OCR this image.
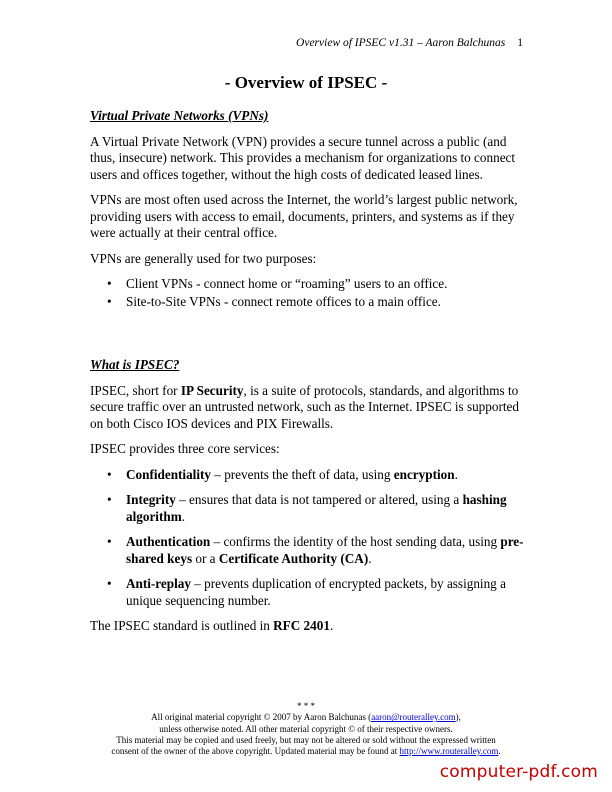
Overview of IPSEC v1.31 – Aaron Balchunas 1
- Overview of IPSEC -
Virtual Private Networks (VPNs)

A Virtual Private Network (VPN) provides a secure tunnel across a public (and thus, insecure) network. This provides a mechanism for organizations to connect users and offices together, without the high costs of dedicated leased lines.

VPNs are most often used across the Internet, the world’s largest public network, providing users with access to email, documents, printers, and systems as if they were actually at their central office.

VPNs are generally used for two purposes:

• Client VPNs - connect home or “roaming” users to an office.
• Site-to-Site VPNs - connect remote offices to a main office.
What is IPSEC?

IPSEC, short for IP Security, is a suite of protocols, standards, and algorithms to secure traffic over an untrusted network, such as the Internet. IPSEC is supported on both Cisco IOS devices and PIX Firewalls.

IPSEC provides three core services:

• Confidentiality – prevents the theft of data, using encryption.
• Integrity – ensures that data is not tampered or altered, using a hashing algorithm.
• Authentication – confirms the identity of the host sending data, using pre-shared keys or a Certificate Authority (CA).
• Anti-replay – prevents duplication of encrypted packets, by assigning a unique sequencing number.

The IPSEC standard is outlined in RFC 2401.

* * *
All original material copyright © 2007 by Aaron Balchunas (aaron@routeralley.com),
unless otherwise noted. All other material copyright © of their respective owners.
This material may be copied and used freely, but may not be altered or sold without the expressed written
consent of the owner of the above copyright. Updated material may be found at http://www.routeralley.com.
computer-pdf.com
